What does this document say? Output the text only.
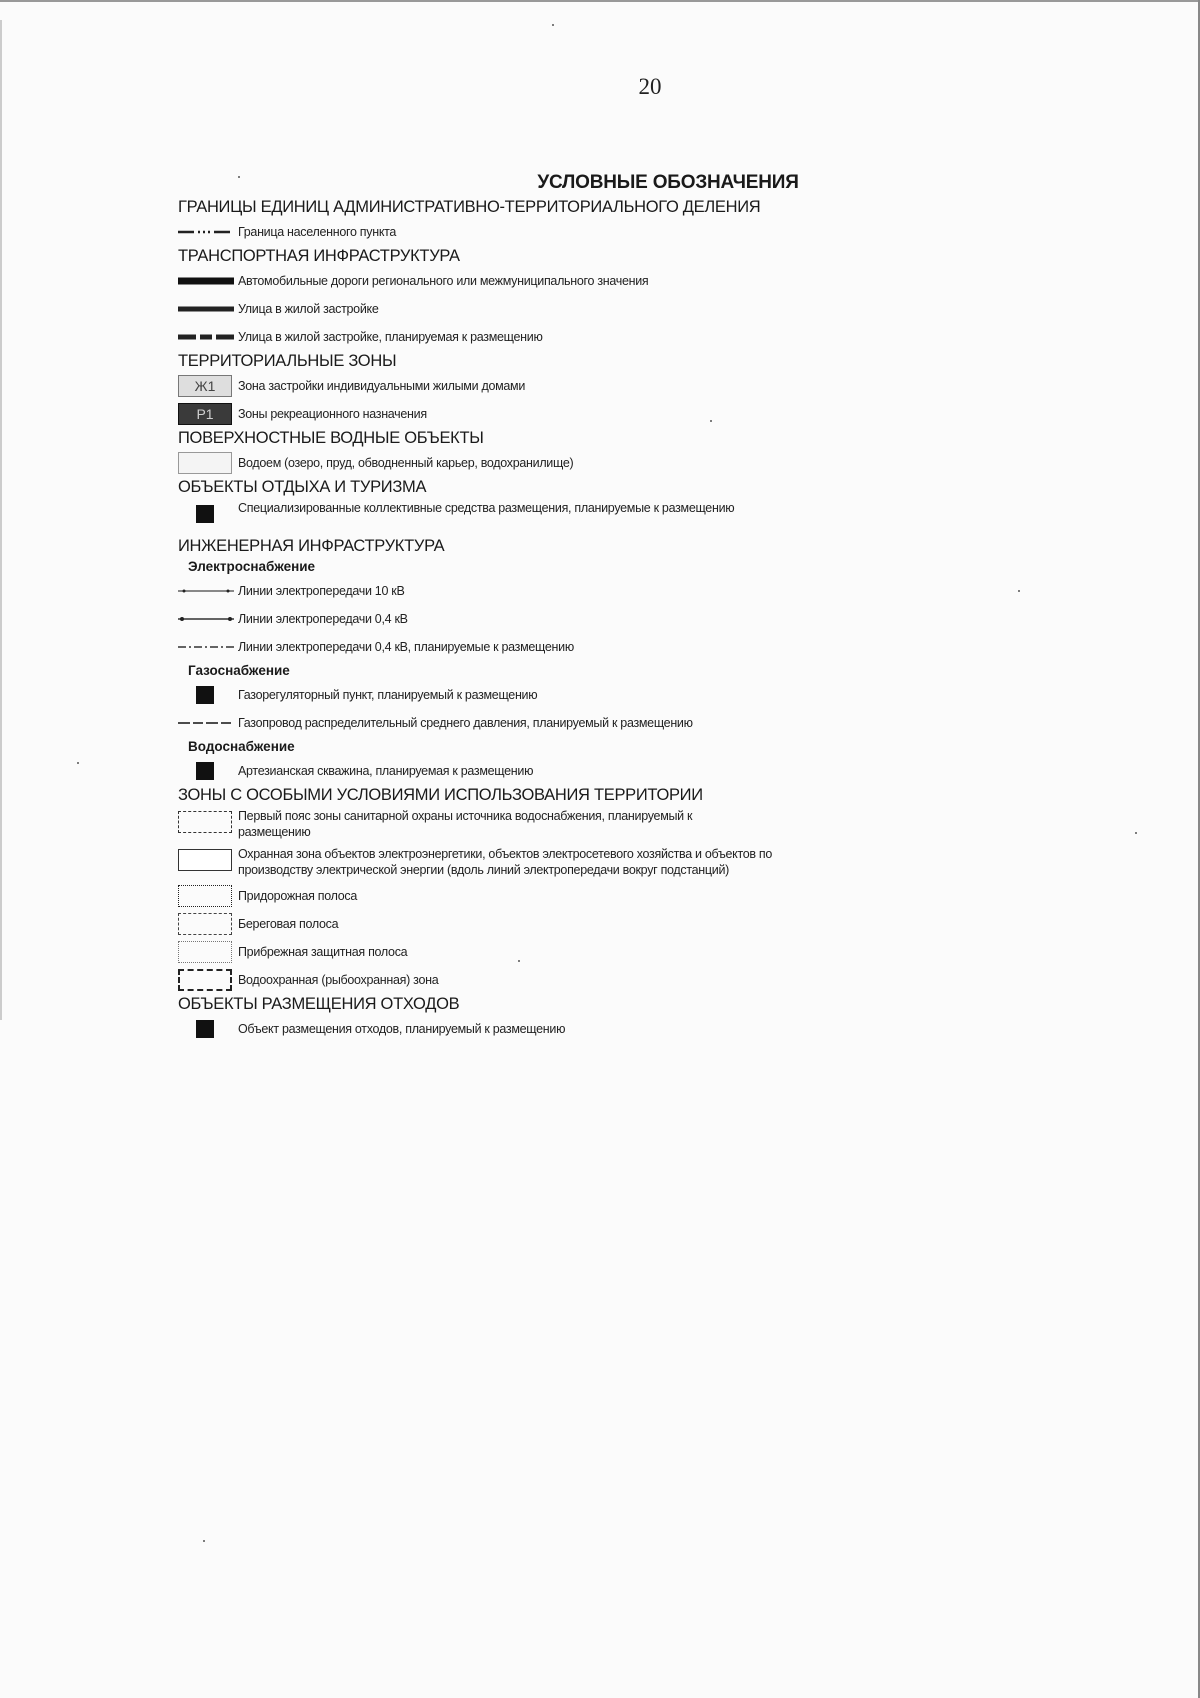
20
УСЛОВНЫЕ ОБОЗНАЧЕНИЯ
ГРАНИЦЫ ЕДИНИЦ АДМИНИСТРАТИВНО-ТЕРРИТОРИАЛЬНОГО ДЕЛЕНИЯ
Граница населенного пункта
ТРАНСПОРТНАЯ ИНФРАСТРУКТУРА
Автомобильные дороги регионального или межмуниципального значения
Улица в жилой застройке
Улица в жилой застройке, планируемая к размещению
ТЕРРИТОРИАЛЬНЫЕ ЗОНЫ
Ж1	Зона застройки индивидуальными жилыми домами
Р1	Зоны рекреационного назначения
ПОВЕРХНОСТНЫЕ ВОДНЫЕ ОБЪЕКТЫ
Водоем (озеро, пруд, обводненный карьер, водохранилище)
ОБЪЕКТЫ ОТДЫХА И ТУРИЗМА
Специализированные коллективные средства размещения, планируемые к размещению
ИНЖЕНЕРНАЯ ИНФРАСТРУКТУРА
Электроснабжение
Линии электропередачи 10 кВ
Линии электропередачи 0,4 кВ
Линии электропередачи 0,4 кВ, планируемые к размещению
Газоснабжение
Газорегуляторный пункт, планируемый к размещению
Газопровод распределительный среднего давления, планируемый к размещению
Водоснабжение
Артезианская скважина, планируемая к размещению
ЗОНЫ С ОСОБЫМИ УСЛОВИЯМИ ИСПОЛЬЗОВАНИЯ ТЕРРИТОРИИ
Первый пояс зоны санитарной охраны источника водоснабжения, планируемый к размещению
Охранная зона объектов электроэнергетики, объектов электросетевого хозяйства и объектов по производству электрической энергии (вдоль линий электропередачи вокруг подстанций)
Придорожная полоса
Береговая полоса
Прибрежная защитная полоса
Водоохранная (рыбоохранная) зона
ОБЪЕКТЫ РАЗМЕЩЕНИЯ ОТХОДОВ
Объект размещения отходов, планируемый к размещению
